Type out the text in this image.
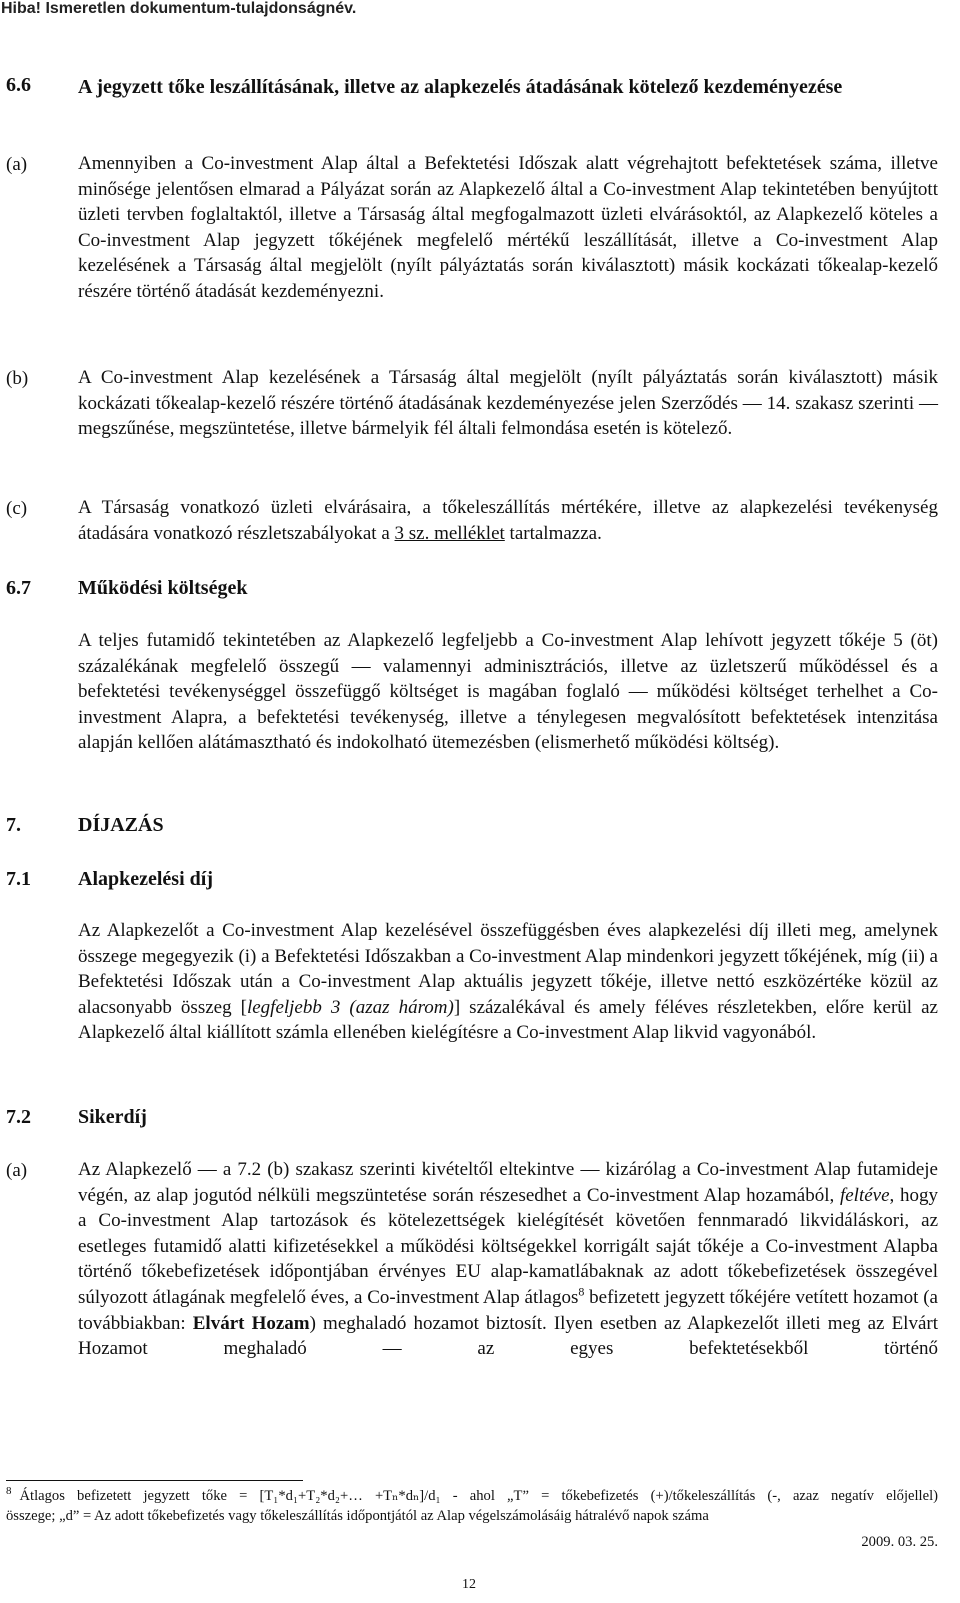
Hiba! Ismeretlen dokumentum-tulajdonságnév.
6.6 A jegyzett tőke leszállításának, illetve az alapkezelés átadásának kötelező kezdeményezése
(a)	Amennyiben a Co-investment Alap által a Befektetési Időszak alatt végrehajtott befektetések száma, illetve minősége jelentősen elmarad a Pályázat során az Alapkezelő által a Co-investment Alap tekintetében benyújtott üzleti tervben foglaltaktól, illetve a Társaság által megfogalmazott üzleti elvárásoktól, az Alapkezelő köteles a Co-investment Alap jegyzett tőkéjének megfelelő mértékű leszállítását, illetve a Co-investment Alap kezelésének a Társaság által megjelölt (nyílt pályáztatás során kiválasztott) másik kockázati tőkealap-kezelő részére történő átadását kezdeményezni.
(b)	A Co-investment Alap kezelésének a Társaság által megjelölt (nyílt pályáztatás során kiválasztott) másik kockázati tőkealap-kezelő részére történő átadásának kezdeményezése jelen Szerződés — 14. szakasz szerinti — megszűnése, megszüntetése, illetve bármelyik fél általi felmondása esetén is kötelező.
(c)	A Társaság vonatkozó üzleti elvárásaira, a tőkeleszállítás mértékére, illetve az alapkezelési tevékenység átadására vonatkozó részletszabályokat a 3 sz. melléklet tartalmazza.
6.7 Működési költségek
A teljes futamidő tekintetében az Alapkezelő legfeljebb a Co-investment Alap lehívott jegyzett tőkéje 5 (öt) százalékának megfelelő összegű — valamennyi adminisztrációs, illetve az üzletszerű működéssel és a befektetési tevékenységgel összefüggő költséget is magában foglaló — működési költséget terhelhet a Co-investment Alapra, a befektetési tevékenység, illetve a ténylegesen megvalósított befektetések intenzitása alapján kellően alátámasztható és indokolható ütemezésben (elismerhető működési költség).
7.	DÍJAZÁS
7.1 Alapkezelési díj
Az Alapkezelőt a Co-investment Alap kezelésével összefüggésben éves alapkezelési díj illeti meg, amelynek összege megegyezik (i) a Befektetési Időszakban a Co-investment Alap mindenkori jegyzett tőkéjének, míg (ii) a Befektetési Időszak után a Co-investment Alap aktuális jegyzett tőkéje, illetve nettó eszközértéke közül az alacsonyabb összeg [legfeljebb 3 (azaz három)] százalékával és amely féléves részletekben, előre kerül az Alapkezelő által kiállított számla ellenében kielégítésre a Co-investment Alap likvid vagyonából.
7.2 Sikerdíj
(a)	Az Alapkezelő — a 7.2 (b) szakasz szerinti kivételtől eltekintve — kizárólag a Co-investment Alap futamideje végén, az alap jogutód nélküli megszüntetése során részesedhet a Co-investment Alap hozamából, feltéve, hogy a Co-investment Alap tartozások és kötelezettségek kielégítését követően fennmaradó likvidáláskori, az esetleges futamidő alatti kifizetésekkel a működési költségekkel korrigált saját tőkéje a Co-investment Alapba történő tőkebefizetések időpontjában érvényes EU alap-kamatlábaknak az adott tőkebefizetések összegével súlyozott átlagának megfelelő éves, a Co-investment Alap átlagos$^8$ befizetett jegyzett tőkéjére vetített hozamot (a továbbiakban: Elvárt Hozam) meghaladó hozamot biztosít. Ilyen esetben az Alapkezelőt illeti meg az Elvárt Hozamot meghaladó — az egyes befektetésekből történő
$^8$ Átlagos befizetett jegyzett tőke = [T₁*d₁+T₂*d₂+… +Tₙ*dₙ]/d₁ - ahol „T” = tőkebefizetés (+)/tőkeleszállítás (-, azaz negatív előjellel)
összege; „d” = Az adott tőkebefizetés vagy tőkeleszállítás időpontjától az Alap végelszámolásáig hátralévő napok száma
2009. 03. 25.
12
